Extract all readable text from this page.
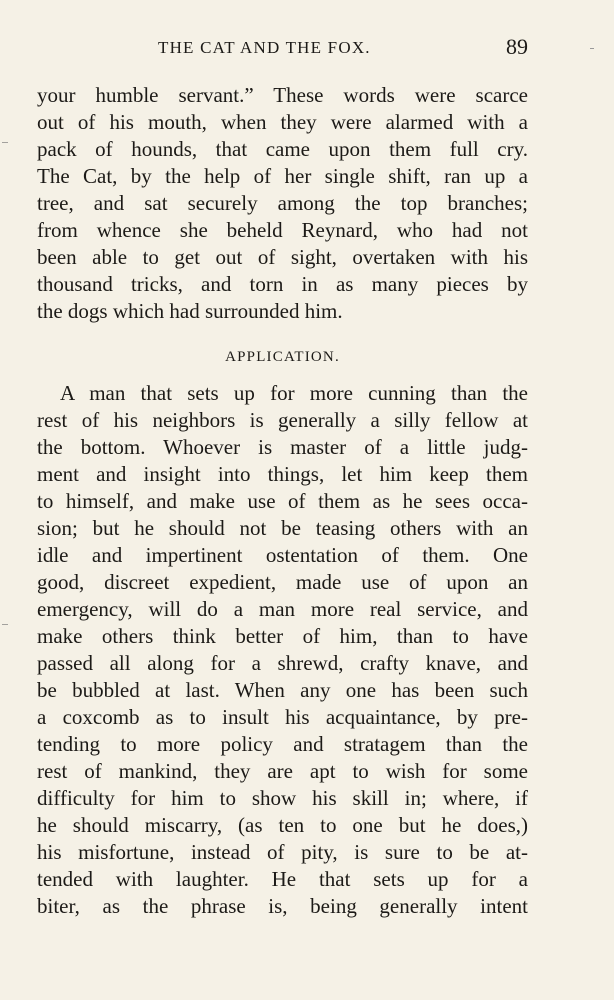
THE CAT AND THE FOX.	89
your humble servant.” These words were scarce
out of his mouth, when they were alarmed with a
pack of hounds, that came upon them full cry.
The Cat, by the help of her single shift, ran up a
tree, and sat securely among the top branches;
from whence she beheld Reynard, who had not
been able to get out of sight, overtaken with his
thousand tricks, and torn in as many pieces by
the dogs which had surrounded him.
APPLICATION.
A man that sets up for more cunning than the
rest of his neighbors is generally a silly fellow at
the bottom. Whoever is master of a little judg-
ment and insight into things, let him keep them
to himself, and make use of them as he sees occa-
sion; but he should not be teasing others with an
idle and impertinent ostentation of them. One
good, discreet expedient, made use of upon an
emergency, will do a man more real service, and
make others think better of him, than to have
passed all along for a shrewd, crafty knave, and
be bubbled at last. When any one has been such
a coxcomb as to insult his acquaintance, by pre-
tending to more policy and stratagem than the
rest of mankind, they are apt to wish for some
difficulty for him to show his skill in; where, if
he should miscarry, (as ten to one but he does,)
his misfortune, instead of pity, is sure to be at-
tended with laughter. He that sets up for a
biter, as the phrase is, being generally intent
